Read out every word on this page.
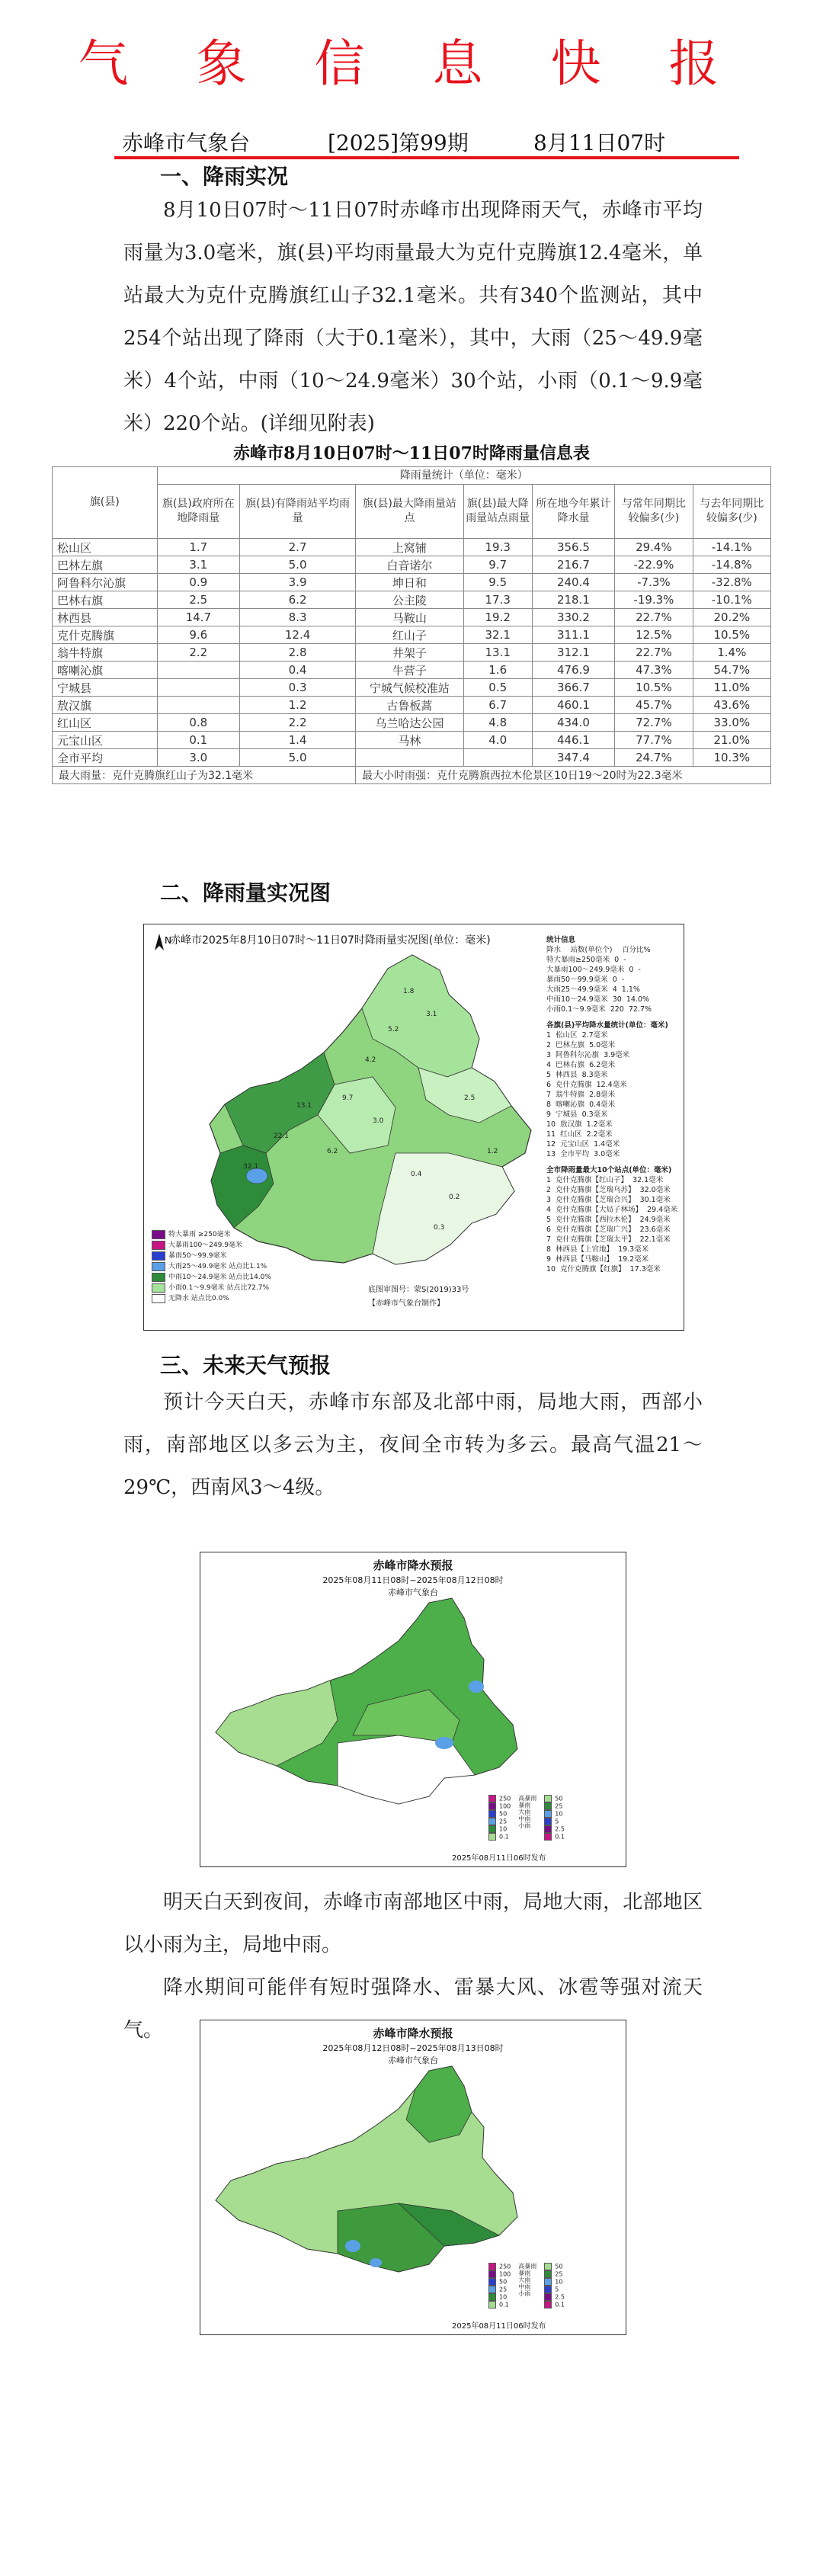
气 象 信 息 快 报
赤峰市气象台	[2025]第99期	8月11日07时
一、降雨实况

8月10日07时～11日07时赤峰市出现降雨天气，赤峰市平均雨量为3.0毫米，旗(县)平均雨量最大为克什克腾旗12.4毫米，单站最大为克什克腾旗红山子32.1毫米。共有340个监测站，其中254个站出现了降雨（大于0.1毫米），其中，大雨（25～49.9毫米）4个站，中雨（10～24.9毫米）30个站，小雨（0.1～9.9毫米）220个站。(详细见附表)

赤峰市8月10日07时～11日07时降雨量信息表
旗(县)	降雨量统计（单位：毫米）						
	旗(县)政府所在地降雨量	旗(县)有降雨站平均雨量	旗(县)最大降雨量站点	旗(县)最大降雨量站点雨量	所在地今年累计降水量	与常年同期比较偏多(少)	与去年同期比较偏多(少)
松山区	1.7	2.7	上窝铺	19.3	356.5	29.4%	-14.1%
巴林左旗	3.1	5.0	白音诺尔	9.7	216.7	-22.9%	-14.8%
阿鲁科尔沁旗	0.9	3.9	坤日和	9.5	240.4	-7.3%	-32.8%
巴林右旗	2.5	6.2	公主陵	17.3	218.1	-19.3%	-10.1%
林西县	14.7	8.3	马鞍山	19.2	330.2	22.7%	20.2%
克什克腾旗	9.6	12.4	红山子	32.1	311.1	12.5%	10.5%
翁牛特旗	2.2	2.8	井架子	13.1	312.1	22.7%	1.4%
喀喇沁旗		0.4	牛营子	1.6	476.9	47.3%	54.7%
宁城县		0.3	宁城气候校准站	0.5	366.7	10.5%	11.0%
敖汉旗		1.2	古鲁板蒿	6.7	460.1	45.7%	43.6%
红山区	0.8	2.2	乌兰哈达公园	4.8	434.0	72.7%	33.0%
元宝山区	0.1	1.4	马林	4.0	446.1	77.7%	21.0%
全市平均	3.0	5.0			347.4	24.7%	10.3%
最大雨量：克什克腾旗红山子为32.1毫米			最大小时雨强：克什克腾旗西拉木伦景区10日19～20时为22.3毫米				
二、降雨量实况图
N
1.8
3.1
5.2
4.2
9.7
13.1
22.1
32.1
6.2
3.0
0.4
0.2
2.5
1.2
0.3
赤峰市2025年8月10日07时～11日07时降雨量实况图(单位：毫米)	统计信息
降水　 站数(单位个)　 百分比%
特大暴雨≥250毫米 0 -
大暴雨100～249.9毫米 0 -
暴雨50～99.9毫米 0 -
大雨25～49.9毫米 4 1.1%
中雨10～24.9毫米 30 14.0%
小雨0.1～9.9毫米 220 72.7%
各旗(县)平均降水量统计(单位：毫米)
1 松山区 2.7毫米
2 巴林左旗 5.0毫米
3 阿鲁科尔沁旗 3.9毫米
4 巴林右旗 6.2毫米
5 林西县 8.3毫米
6 克什克腾旗 12.4毫米
7 翁牛特旗 2.8毫米
8 喀喇沁旗 0.4毫米
9 宁城县 0.3毫米
10 敖汉旗 1.2毫米
11 红山区 2.2毫米
12 元宝山区 1.4毫米
13 全市平均 3.0毫米
全市降雨量最大10个站点(单位：毫米)
1 克什克腾旗【红山子】 32.1毫米
2 克什克腾旗【芝瑞乌苏】 32.0毫米
3 克什克腾旗【芝瑞合兴】 30.1毫米
4 克什克腾旗【大局子林场】 29.4毫米
5 克什克腾旗【西拉木伦】 24.9毫米
6 克什克腾旗【芝瑞广兴】 23.6毫米
7 克什克腾旗【芝瑞太平】 22.1毫米
8 林西县【上官地】 19.3毫米
9 林西县【马鞍山】 19.2毫米
10 克什克腾旗【红旗】 17.3毫米
特大暴雨 ≥250毫米
大暴雨100～249.9毫米
暴雨50～99.9毫米
大雨25～49.9毫米 站点比1.1%
中雨10～24.9毫米 站点比14.0%
小雨0.1～9.9毫米 站点比72.7%
无降水 站点比0.0%
底图审图号：蒙S(2019)33号
【赤峰市气象台制作】
三、未来天气预报

预计今天白天，赤峰市东部及北部中雨，局地大雨，西部小雨，南部地区以多云为主，夜间全市转为多云。最高气温21～29℃，西南风3～4级。

赤峰市降水预报
2025年08月11日08时~2025年08月12日08时
赤峰市气象台
250
100
50
25
10
0.1
高暴雨
暴雨
大雨
中雨
小雨
50
25
10
5
2.5
0.1
2025年08月11日06时发布

明天白天到夜间，赤峰市南部地区中雨，局地大雨，北部地区以小雨为主，局地中雨。

降水期间可能伴有短时强降水、雷暴大风、冰雹等强对流天气。	赤峰市降水预报
2025年08月12日08时~2025年08月13日08时
赤峰市气象台
250
100
50
25
10
0.1
高暴雨
暴雨
大雨
中雨
小雨
50
25
10
5
2.5
0.1
2025年08月11日06时发布
